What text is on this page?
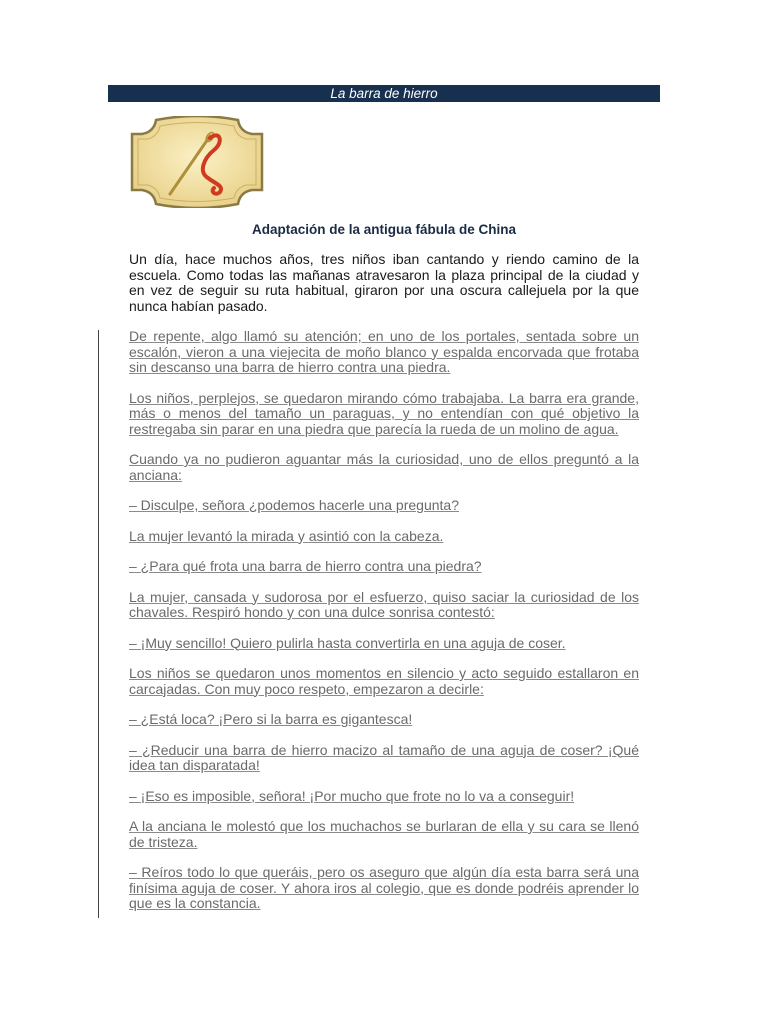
La barra de hierro
Adaptación de la antigua fábula de China

Un día, hace muchos años, tres niños iban cantando y riendo camino de la escuela. Como todas las mañanas atravesaron la plaza principal de la ciudad y en vez de seguir su ruta habitual, giraron por una oscura callejuela por la que nunca habían pasado.

De repente, algo llamó su atención; en uno de los portales, sentada sobre un escalón, vieron a una viejecita de moño blanco y espalda encorvada que frotaba sin descanso una barra de hierro contra una piedra.

Los niños, perplejos, se quedaron mirando cómo trabajaba. La barra era grande, más o menos del tamaño un paraguas, y no entendían con qué objetivo la restregaba sin parar en una piedra que parecía la rueda de un molino de agua.

Cuando ya no pudieron aguantar más la curiosidad, uno de ellos preguntó a la anciana:

– Disculpe, señora ¿podemos hacerle una pregunta?

La mujer levantó la mirada y asintió con la cabeza.

– ¿Para qué frota una barra de hierro contra una piedra?

La mujer, cansada y sudorosa por el esfuerzo, quiso saciar la curiosidad de los chavales. Respiró hondo y con una dulce sonrisa contestó:

– ¡Muy sencillo! Quiero pulirla hasta convertirla en una aguja de coser.

Los niños se quedaron unos momentos en silencio y acto seguido estallaron en carcajadas. Con muy poco respeto, empezaron a decirle:

– ¿Está loca? ¡Pero si la barra es gigantesca!

– ¿Reducir una barra de hierro macizo al tamaño de una aguja de coser? ¡Qué idea tan disparatada!

– ¡Eso es imposible, señora! ¡Por mucho que frote no lo va a conseguir!

A la anciana le molestó que los muchachos se burlaran de ella y su cara se llenó de tristeza.

– Reíros todo lo que queráis, pero os aseguro que algún día esta barra será una finísima aguja de coser. Y ahora iros al colegio, que es donde podréis aprender lo que es la constancia.
